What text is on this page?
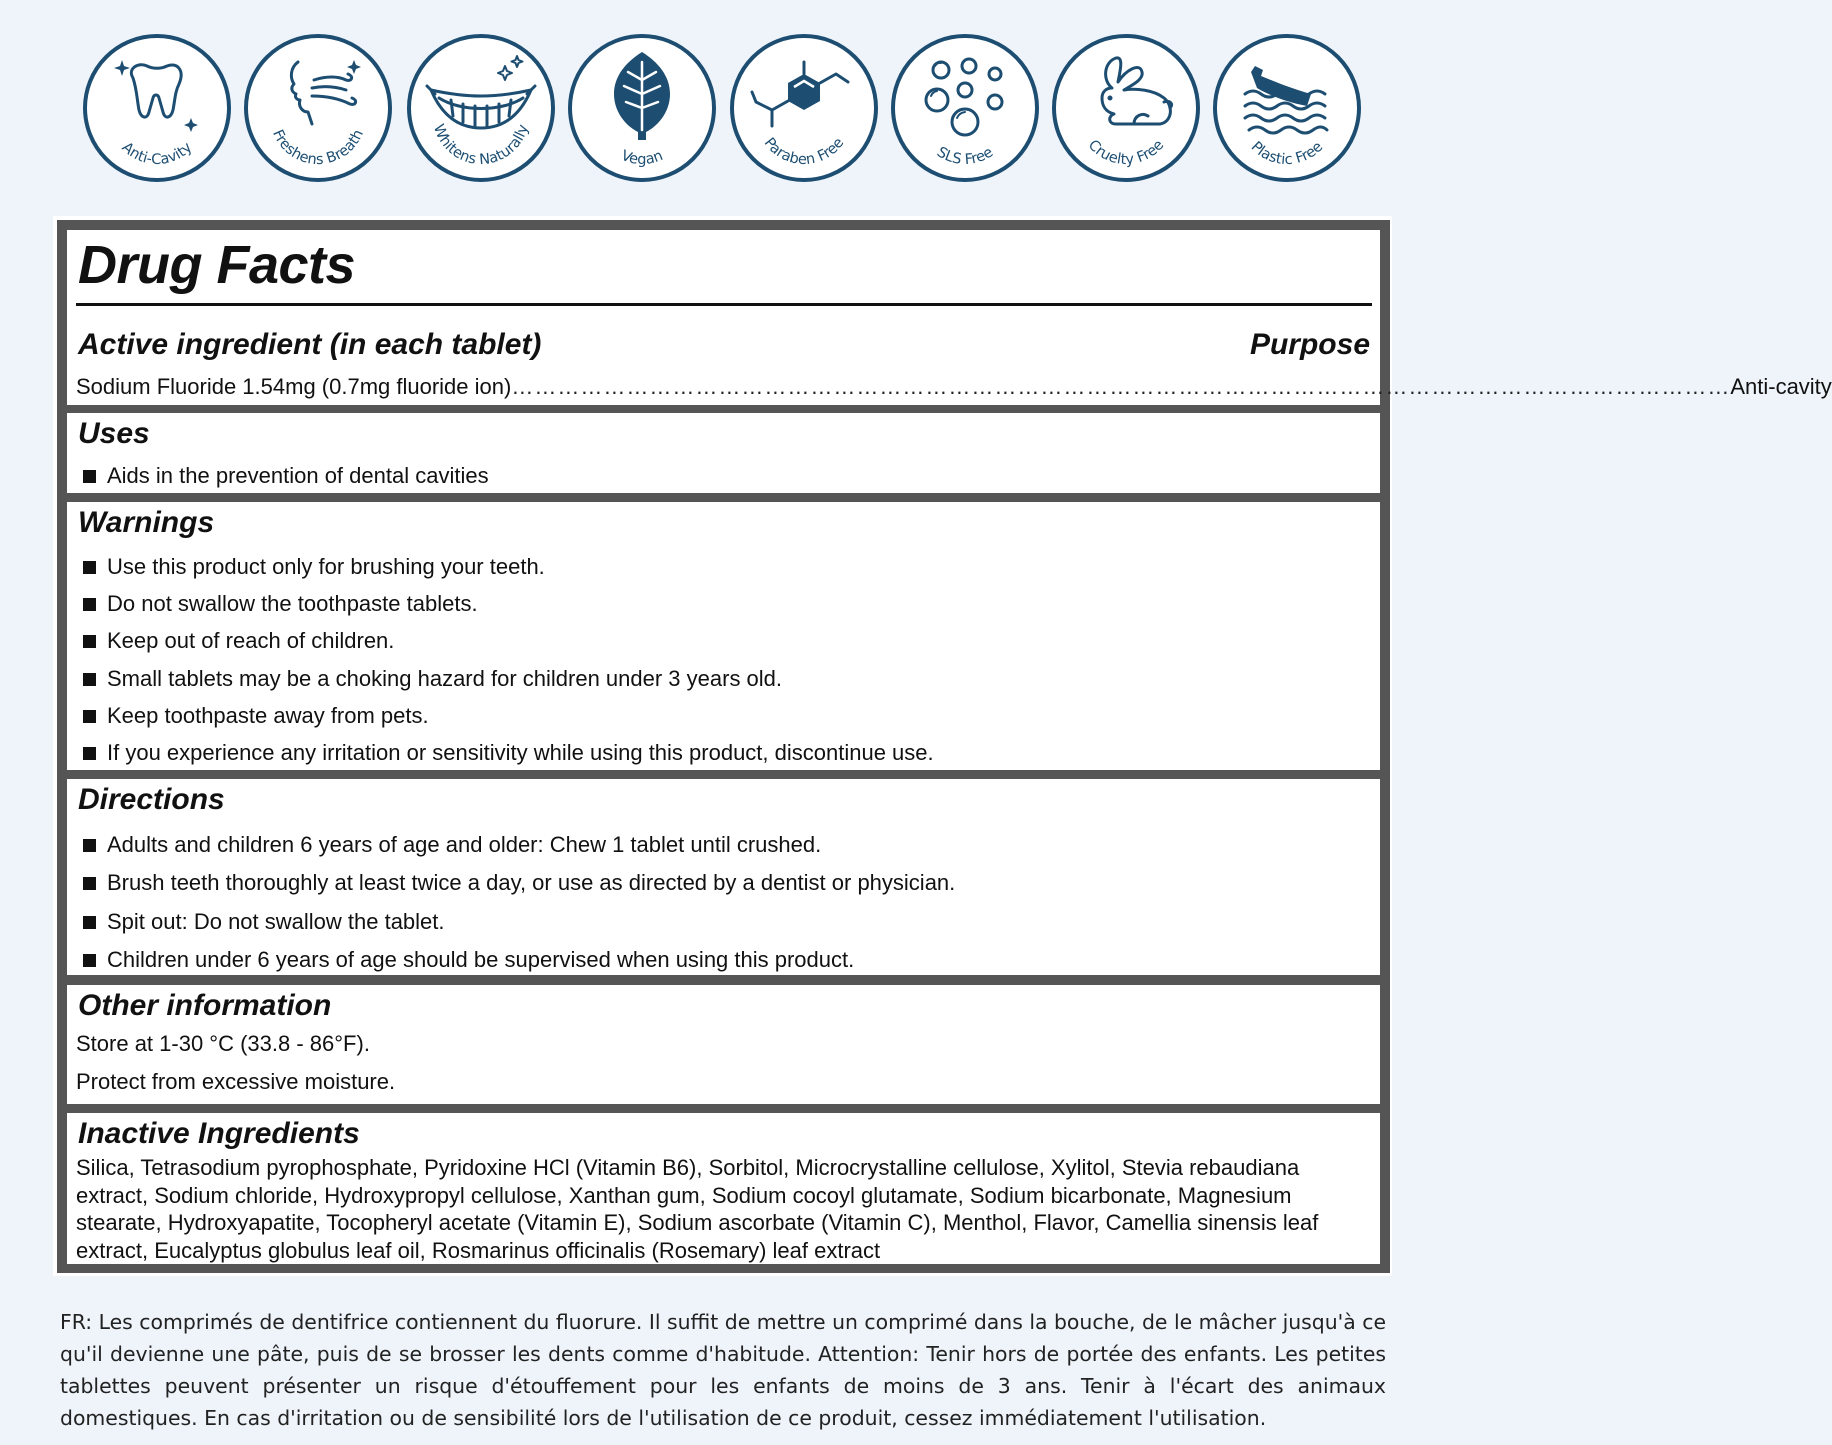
Anti-Cavity
Freshens Breath	Whitens Naturally
Vegan
Paraben Free
SLS Free	Cruelty Free	Plastic Free
Drug Facts
Active ingredient (in each tablet)	Purpose
Sodium Fluoride 1.54mg (0.7mg fluoride ion) …………………………………………………………………………………………………………………………………………… Anti-cavity
Uses
Aids in the prevention of dental cavities
Warnings
Use this product only for brushing your teeth.
Do not swallow the toothpaste tablets.
Keep out of reach of children.
Small tablets may be a choking hazard for children under 3 years old.
Keep toothpaste away from pets.
If you experience any irritation or sensitivity while using this product, discontinue use.
Directions
Adults and children 6 years of age and older: Chew 1 tablet until crushed.
Brush teeth thoroughly at least twice a day, or use as directed by a dentist or physician.
Spit out: Do not swallow the tablet.
Children under 6 years of age should be supervised when using this product.
Other information
Store at 1-30 °C (33.8 - 86°F).
Protect from excessive moisture.
Inactive Ingredients
Silica, Tetrasodium pyrophosphate, Pyridoxine HCl (Vitamin B6), Sorbitol, Microcrystalline cellulose, Xylitol, Stevia rebaudiana extract, Sodium chloride, Hydroxypropyl cellulose, Xanthan gum, Sodium cocoyl glutamate, Sodium bicarbonate, Magnesium stearate, Hydroxyapatite, Tocopheryl acetate (Vitamin E), Sodium ascorbate (Vitamin C), Menthol, Flavor, Camellia sinensis leaf extract, Eucalyptus globulus leaf oil, Rosmarinus officinalis (Rosemary) leaf extract
FR: Les comprimés de dentifrice contiennent du fluorure. Il suffit de mettre un comprimé dans la bouche, de le mâcher jusqu'à ce qu'il devienne une pâte, puis de se brosser les dents comme d'habitude. Attention: Tenir hors de portée des enfants. Les petites tablettes peuvent présenter un risque d'étouffement pour les enfants de moins de 3 ans. Tenir à l'écart des animaux domestiques. En cas d'irritation ou de sensibilité lors de l'utilisation de ce produit, cessez immédiatement l'utilisation.
